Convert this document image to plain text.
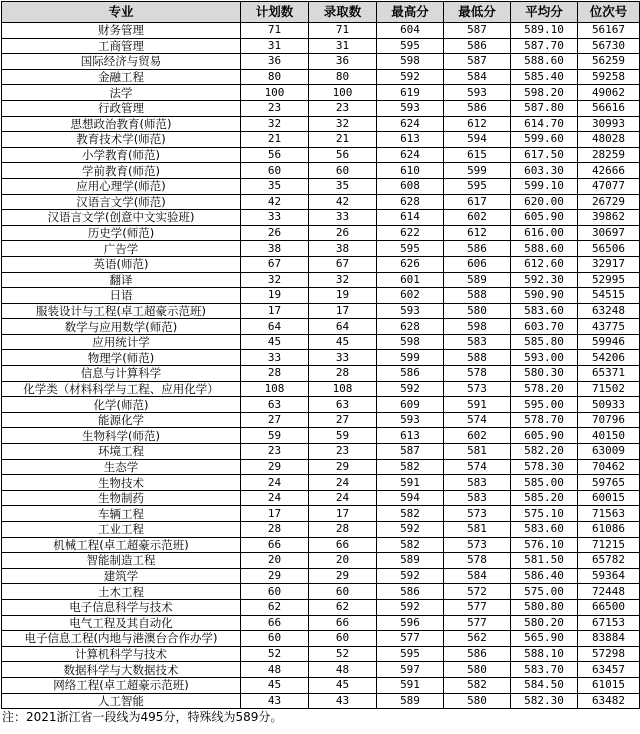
专业	计划数	录取数	最高分	最低分	平均分	位次号
财务管理	71	71	604	587	589.10	56167
工商管理	31	31	595	586	587.70	56730
国际经济与贸易	36	36	598	587	588.60	56259
金融工程	80	80	592	584	585.40	59258
法学	100	100	619	593	598.20	49062
行政管理	23	23	593	586	587.80	56616
思想政治教育(师范)	32	32	624	612	614.70	30993
教育技术学(师范)	21	21	613	594	599.60	48028
小学教育(师范)	56	56	624	615	617.50	28259
学前教育(师范)	60	60	610	599	603.30	42666
应用心理学(师范)	35	35	608	595	599.10	47077
汉语言文学(师范)	42	42	628	617	620.00	26729
汉语言文学(创意中文实验班)	33	33	614	602	605.90	39862
历史学(师范)	26	26	622	612	616.00	30697
广告学	38	38	595	586	588.60	56506
英语(师范)	67	67	626	606	612.60	32917
翻译	32	32	601	589	592.30	52995
日语	19	19	602	588	590.90	54515
服装设计与工程(卓工超豪示范班)	17	17	593	580	583.60	63248
数学与应用数学(师范)	64	64	628	598	603.70	43775
应用统计学	45	45	598	583	585.80	59946
物理学(师范)	33	33	599	588	593.00	54206
信息与计算科学	28	28	586	578	580.30	65371
化学类（材料科学与工程、应用化学）	108	108	592	573	578.20	71502
化学(师范)	63	63	609	591	595.00	50933
能源化学	27	27	593	574	578.70	70796
生物科学(师范)	59	59	613	602	605.90	40150
环境工程	23	23	587	581	582.20	63009
生态学	29	29	582	574	578.30	70462
生物技术	24	24	591	583	585.00	59765
生物制药	24	24	594	583	585.20	60015
车辆工程	17	17	582	573	575.10	71563
工业工程	28	28	592	581	583.60	61086
机械工程(卓工超豪示范班)	66	66	582	573	576.10	71215
智能制造工程	20	20	589	578	581.50	65782
建筑学	29	29	592	584	586.40	59364
土木工程	60	60	586	572	575.00	72448
电子信息科学与技术	62	62	592	577	580.80	66500
电气工程及其自动化	66	66	596	577	580.20	67153
电子信息工程(内地与港澳台合作办学)	60	60	577	562	565.90	83884
计算机科学与技术	52	52	595	586	588.10	57298
数据科学与大数据技术	48	48	597	580	583.70	63457
网络工程(卓工超豪示范班)	45	45	591	582	584.50	61015
人工智能	43	43	589	580	582.30	63482
注：2021浙江省一段线为495分，特殊线为589分。
